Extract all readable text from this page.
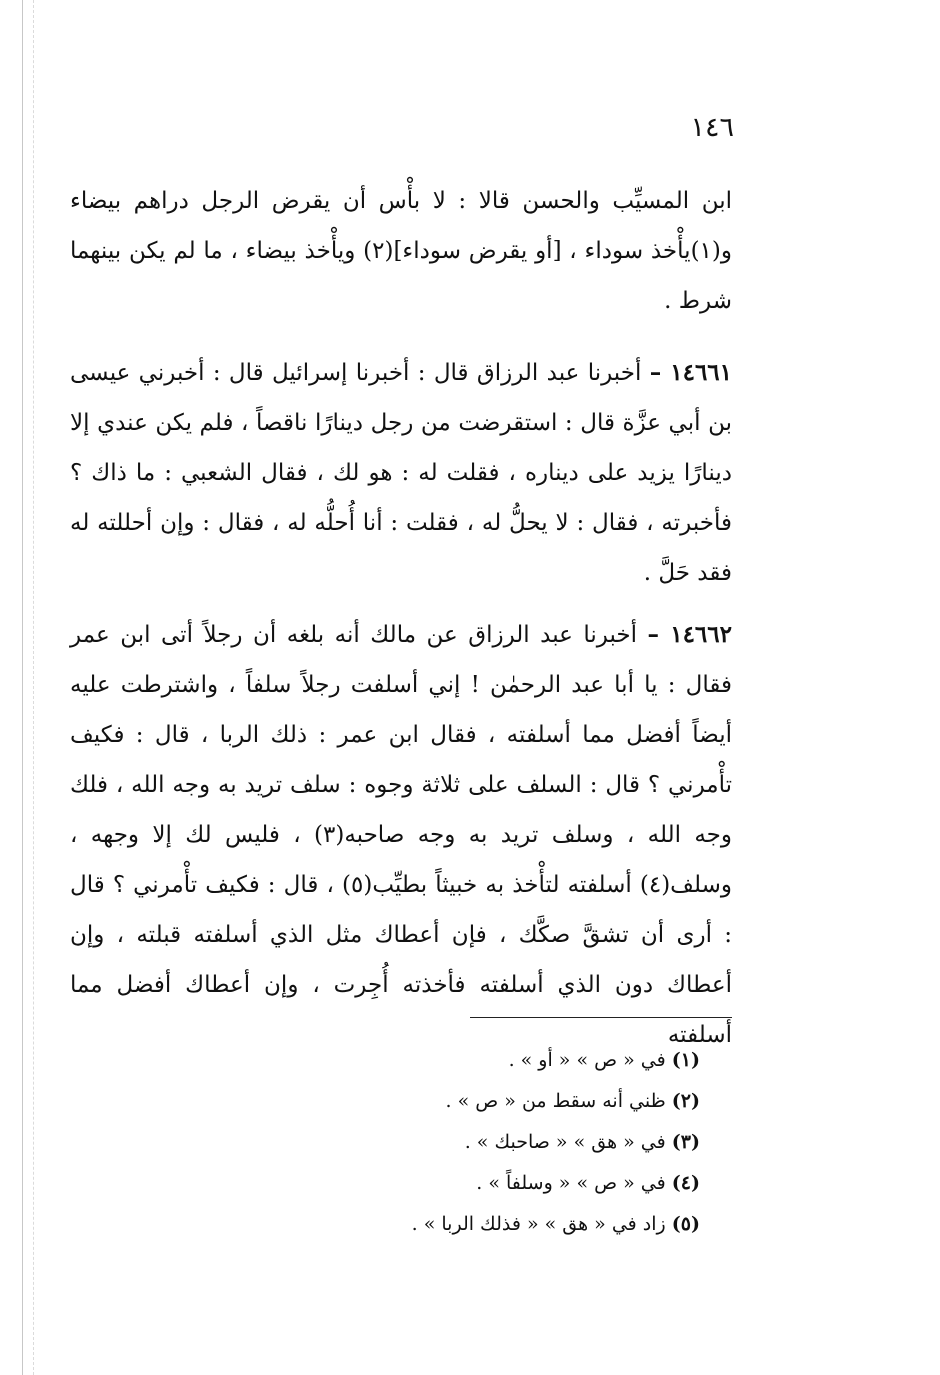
١٤٦

ابن المسيِّب والحسن قالا : لا بأْس أن يقرض الرجل دراهم بيضاء و(١)يأْخذ سوداء ، [أو يقرض سوداء](٢) ويأْخذ بيضاء ، ما لم يكن بينهما شرط .

١٤٦٦١ – أخبرنا عبد الرزاق قال : أخبرنا إسرائيل قال : أخبرني عيسى بن أبي عزَّة قال : استقرضت من رجل دينارًا ناقصاً ، فلم يكن عندي إلا دينارًا يزيد على ديناره ، فقلت له : هو لك ، فقال الشعبي : ما ذاك ؟ فأخبرته ، فقال : لا يحلُّ له ، فقلت : أنا أُحلُّه له ، فقال : وإن أحللته له فقد حَلَّ .

١٤٦٦٢ – أخبرنا عبد الرزاق عن مالك أنه بلغه أن رجلاً أتى ابن عمر فقال : يا أبا عبد الرحمٰن ! إني أسلفت رجلاً سلفاً ، واشترطت عليه أيضاً أفضل مما أسلفته ، فقال ابن عمر : ذلك الربا ، قال : فكيف تأْمرني ؟ قال : السلف على ثلاثة وجوه : سلف تريد به وجه الله ، فلك وجه الله ، وسلف تريد به وجه صاحبه(٣) ، فليس لك إلا وجهه ، وسلف(٤) أسلفته لتأْخذ به خبيثاً بطيِّب(٥) ، قال : فكيف تأْمرني ؟ قال : أرى أن تشقَّ صكَّك ، فإن أعطاك مثل الذي أسلفته قبلته ، وإن أعطاك دون الذي أسلفته فأخذته أُجِرت ، وإن أعطاك أفضل مما أسلفته

(١) في « ص » « أو » .
(٢) ظني أنه سقط من « ص » .
(٣) في « هق » « صاحبك » .
(٤) في « ص » « وسلفاً » .
(٥) زاد في « هق » « فذلك الربا » .
